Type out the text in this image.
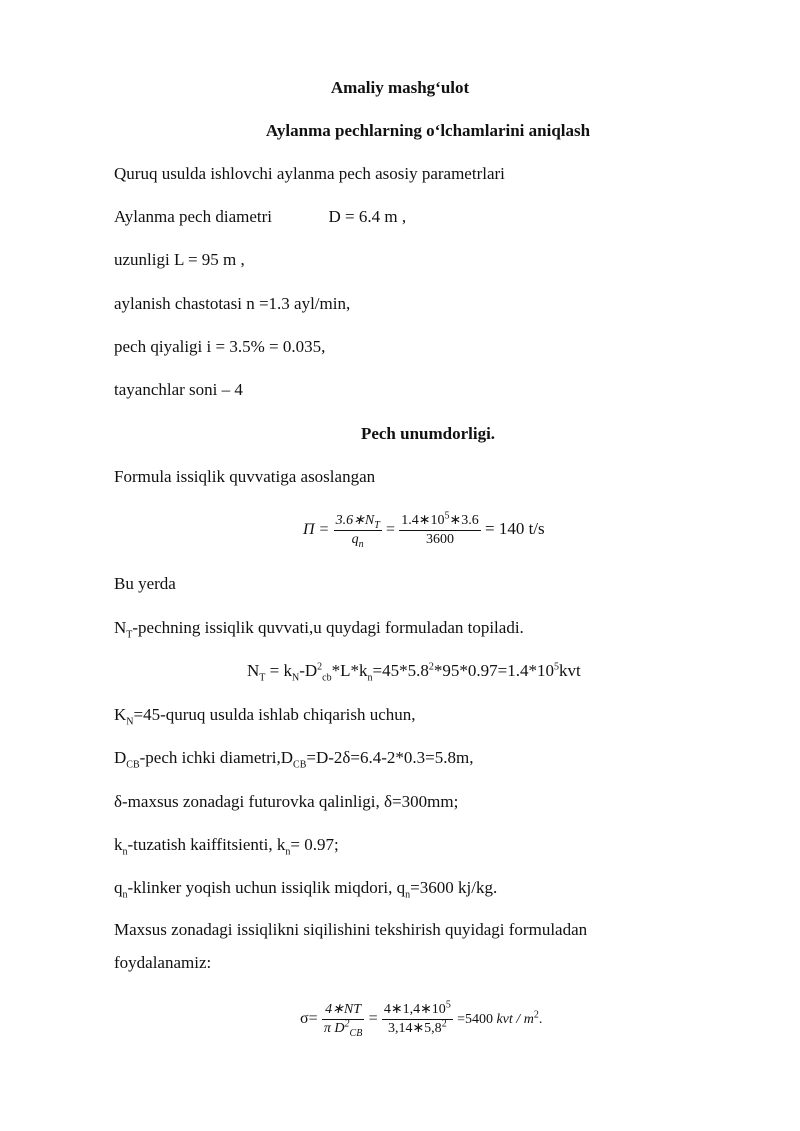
Amaliy mashg‘ulot
Aylanma pechlarning o‘lchamlarini aniqlash
Quruq usulda ishlovchi aylanma pech asosiy parametrlari
Aylanma pech diametri	D = 6.4 m ,
uzunligi L = 95 m ,
aylanish chastotasi n =1.3 ayl/min,
pech qiyaligi i = 3.5% = 0.035,
tayanchlar soni – 4
Pech unumdorligi.
Formula issiqlik quvvatiga asoslangan
$П = \frac{3.6∗N_T}{q_n} = \frac{1.4∗10^5∗3.6}{3600} = 140$ t/s
Bu yerda
$N_T$-pechning issiqlik quvvati,u quydagi formuladan topiladi.
$N_T = k_N-D^2_{cb}*L*k_n=45*5.8^2*95*0.97=1.4*10^5kvt$
$K_N=45$-quruq usulda ishlab chiqarish uchun,
$D_{CB}$-pech ichki $diametri,D_{CB}=D-2\delta=6.4-2*0.3=5.8m$,
δ-maxsus zonadagi futurovka qalinligi, δ=300mm;
$k_n$-tuzatish kaiffitsienti, $k_n= 0.97$;
$q_n$-klinker yoqish uchun issiqlik miqdori, $q_n=3600$ kj/kg.
Maxsus zonadagi issiqlikni siqilishini tekshirish quyidagi formuladan
foydalanamiz:
$\sigma= \frac{4∗NT}{\pi D^2_{CB}} = \frac{4∗1,4∗10^5}{3,14∗5,8^2} =5400$ kvt / $m^2$.
